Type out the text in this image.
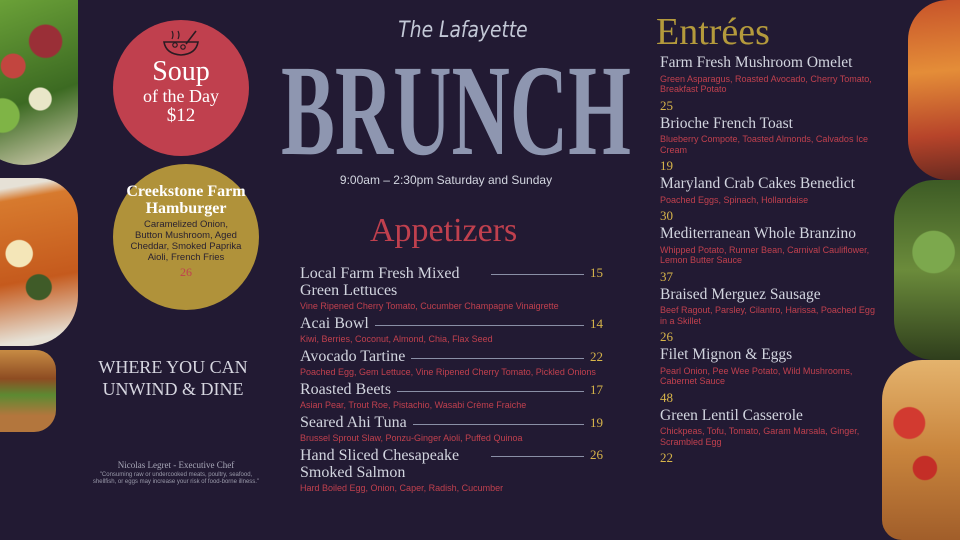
Soup
of the Day
$12
Creekstone Farm Hamburger
Caramelized Onion, Button Mushroom, Aged Cheddar, Smoked Paprika Aioli, French Fries
26
WHERE YOU CAN UNWIND & DINE
Nicolas Legret - Executive Chef
"Consuming raw or undercooked meats, poultry, seafood, shellfish, or eggs may increase your risk of food-borne illness."
The Lafayette
BRUNCH
9:00am – 2:30pm Saturday and Sunday
Appetizers
Local Farm Fresh Mixed Green Lettuces
15
Vine Ripened Cherry Tomato, Cucumber Champagne Vinaigrette
Acai Bowl	14
Kiwi, Berries, Coconut, Almond, Chia, Flax Seed
Avocado Tartine	22
Poached Egg, Gem Lettuce, Vine Ripened Cherry Tomato, Pickled Onions
Roasted Beets	17
Asian Pear, Trout Roe, Pistachio, Wasabi Crème Fraiche
Seared Ahi Tuna	19
Brussel Sprout Slaw, Ponzu-Ginger Aioli, Puffed Quinoa
Hand Sliced Chesapeake Smoked Salmon
26
Hard Boiled Egg, Onion, Caper, Radish, Cucumber
Entrées
Farm Fresh Mushroom Omelet
Green Asparagus, Roasted Avocado, Cherry Tomato, Breakfast Potato
25
Brioche French Toast
Blueberry Compote, Toasted Almonds, Calvados Ice Cream
19
Maryland Crab Cakes Benedict
Poached Eggs, Spinach, Hollandaise
30
Mediterranean Whole Branzino
Whipped Potato, Runner Bean, Carnival Cauliflower, Lemon Butter Sauce
37
Braised Merguez Sausage
Beef Ragout, Parsley, Cilantro, Harissa, Poached Egg in a Skillet
26
Filet Mignon & Eggs
Pearl Onion, Pee Wee Potato, Wild Mushrooms, Cabernet Sauce
48
Green Lentil Casserole
Chickpeas, Tofu, Tomato, Garam Marsala, Ginger, Scrambled Egg
22
